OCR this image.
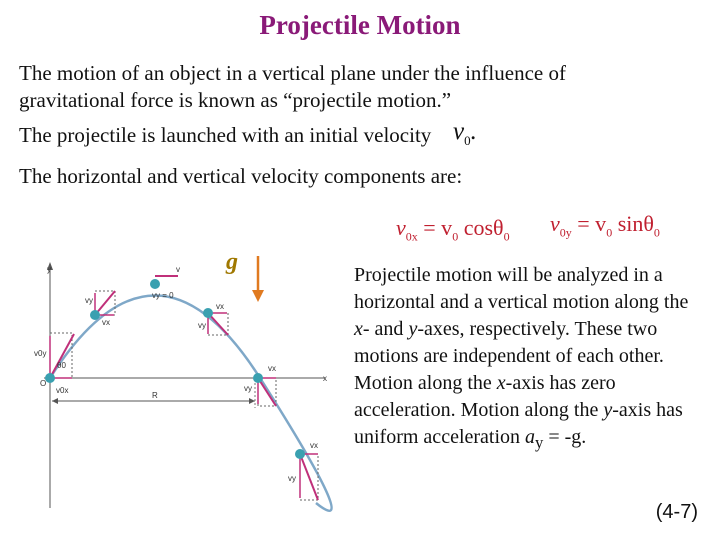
Projectile Motion
The motion of an object in a vertical plane under the influence of gravitational force is known as “projectile motion.”
The projectile is launched with an initial velocity $v_0$.
The horizontal and vertical velocity components are:
$v_{0x} = v_0$ cosθ$_0$
$v_{0y} = v_0$ sinθ$_0$
g
y
x
O
R
v0y
v0x
θ0
vy
vx
v
vy = 0
vy
vx
vy
vx
vy
vx
Projectile motion will be analyzed in a horizontal and a vertical motion along the x- and y-axes, respectively. These two motions are independent of each other. Motion along the x-axis has zero acceleration. Motion along the y-axis has uniform acceleration $a_y = -g$.
(4-7)
